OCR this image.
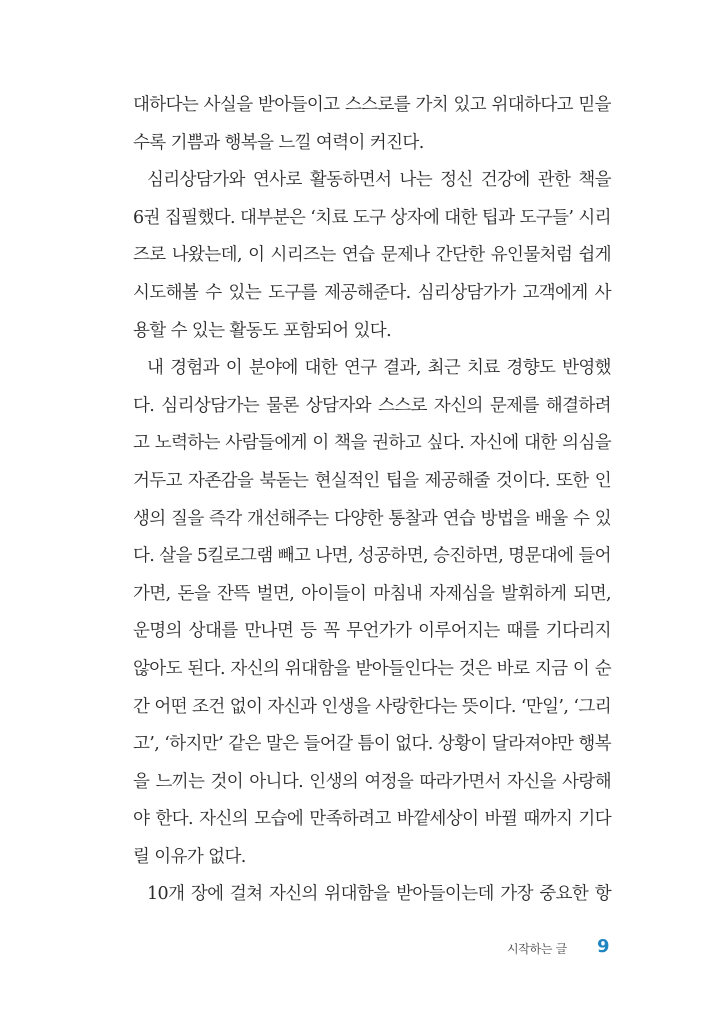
대하다는 사실을 받아들이고 스스로를 가치 있고 위대하다고 믿을
수록 기쁨과 행복을 느낄 여력이 커진다.
심리상담가와 연사로 활동하면서 나는 정신 건강에 관한 책을
6권 집필했다. 대부분은 ‘치료 도구 상자에 대한 팁과 도구들’ 시리
즈로 나왔는데, 이 시리즈는 연습 문제나 간단한 유인물처럼 쉽게
시도해볼 수 있는 도구를 제공해준다. 심리상담가가 고객에게 사
용할 수 있는 활동도 포함되어 있다.
내 경험과 이 분야에 대한 연구 결과, 최근 치료 경향도 반영했
다. 심리상담가는 물론 상담자와 스스로 자신의 문제를 해결하려
고 노력하는 사람들에게 이 책을 권하고 싶다. 자신에 대한 의심을
거두고 자존감을 북돋는 현실적인 팁을 제공해줄 것이다. 또한 인
생의 질을 즉각 개선해주는 다양한 통찰과 연습 방법을 배울 수 있
다. 살을 5킬로그램 빼고 나면, 성공하면, 승진하면, 명문대에 들어
가면, 돈을 잔뜩 벌면, 아이들이 마침내 자제심을 발휘하게 되면,
운명의 상대를 만나면 등 꼭 무언가가 이루어지는 때를 기다리지
않아도 된다. 자신의 위대함을 받아들인다는 것은 바로 지금 이 순
간 어떤 조건 없이 자신과 인생을 사랑한다는 뜻이다. ‘만일’, ‘그리
고’, ‘하지만’ 같은 말은 들어갈 틈이 없다. 상황이 달라져야만 행복
을 느끼는 것이 아니다. 인생의 여정을 따라가면서 자신을 사랑해
야 한다. 자신의 모습에 만족하려고 바깥세상이 바뀔 때까지 기다
릴 이유가 없다.
10개 장에 걸쳐 자신의 위대함을 받아들이는데 가장 중요한 항
시작하는 글 9
